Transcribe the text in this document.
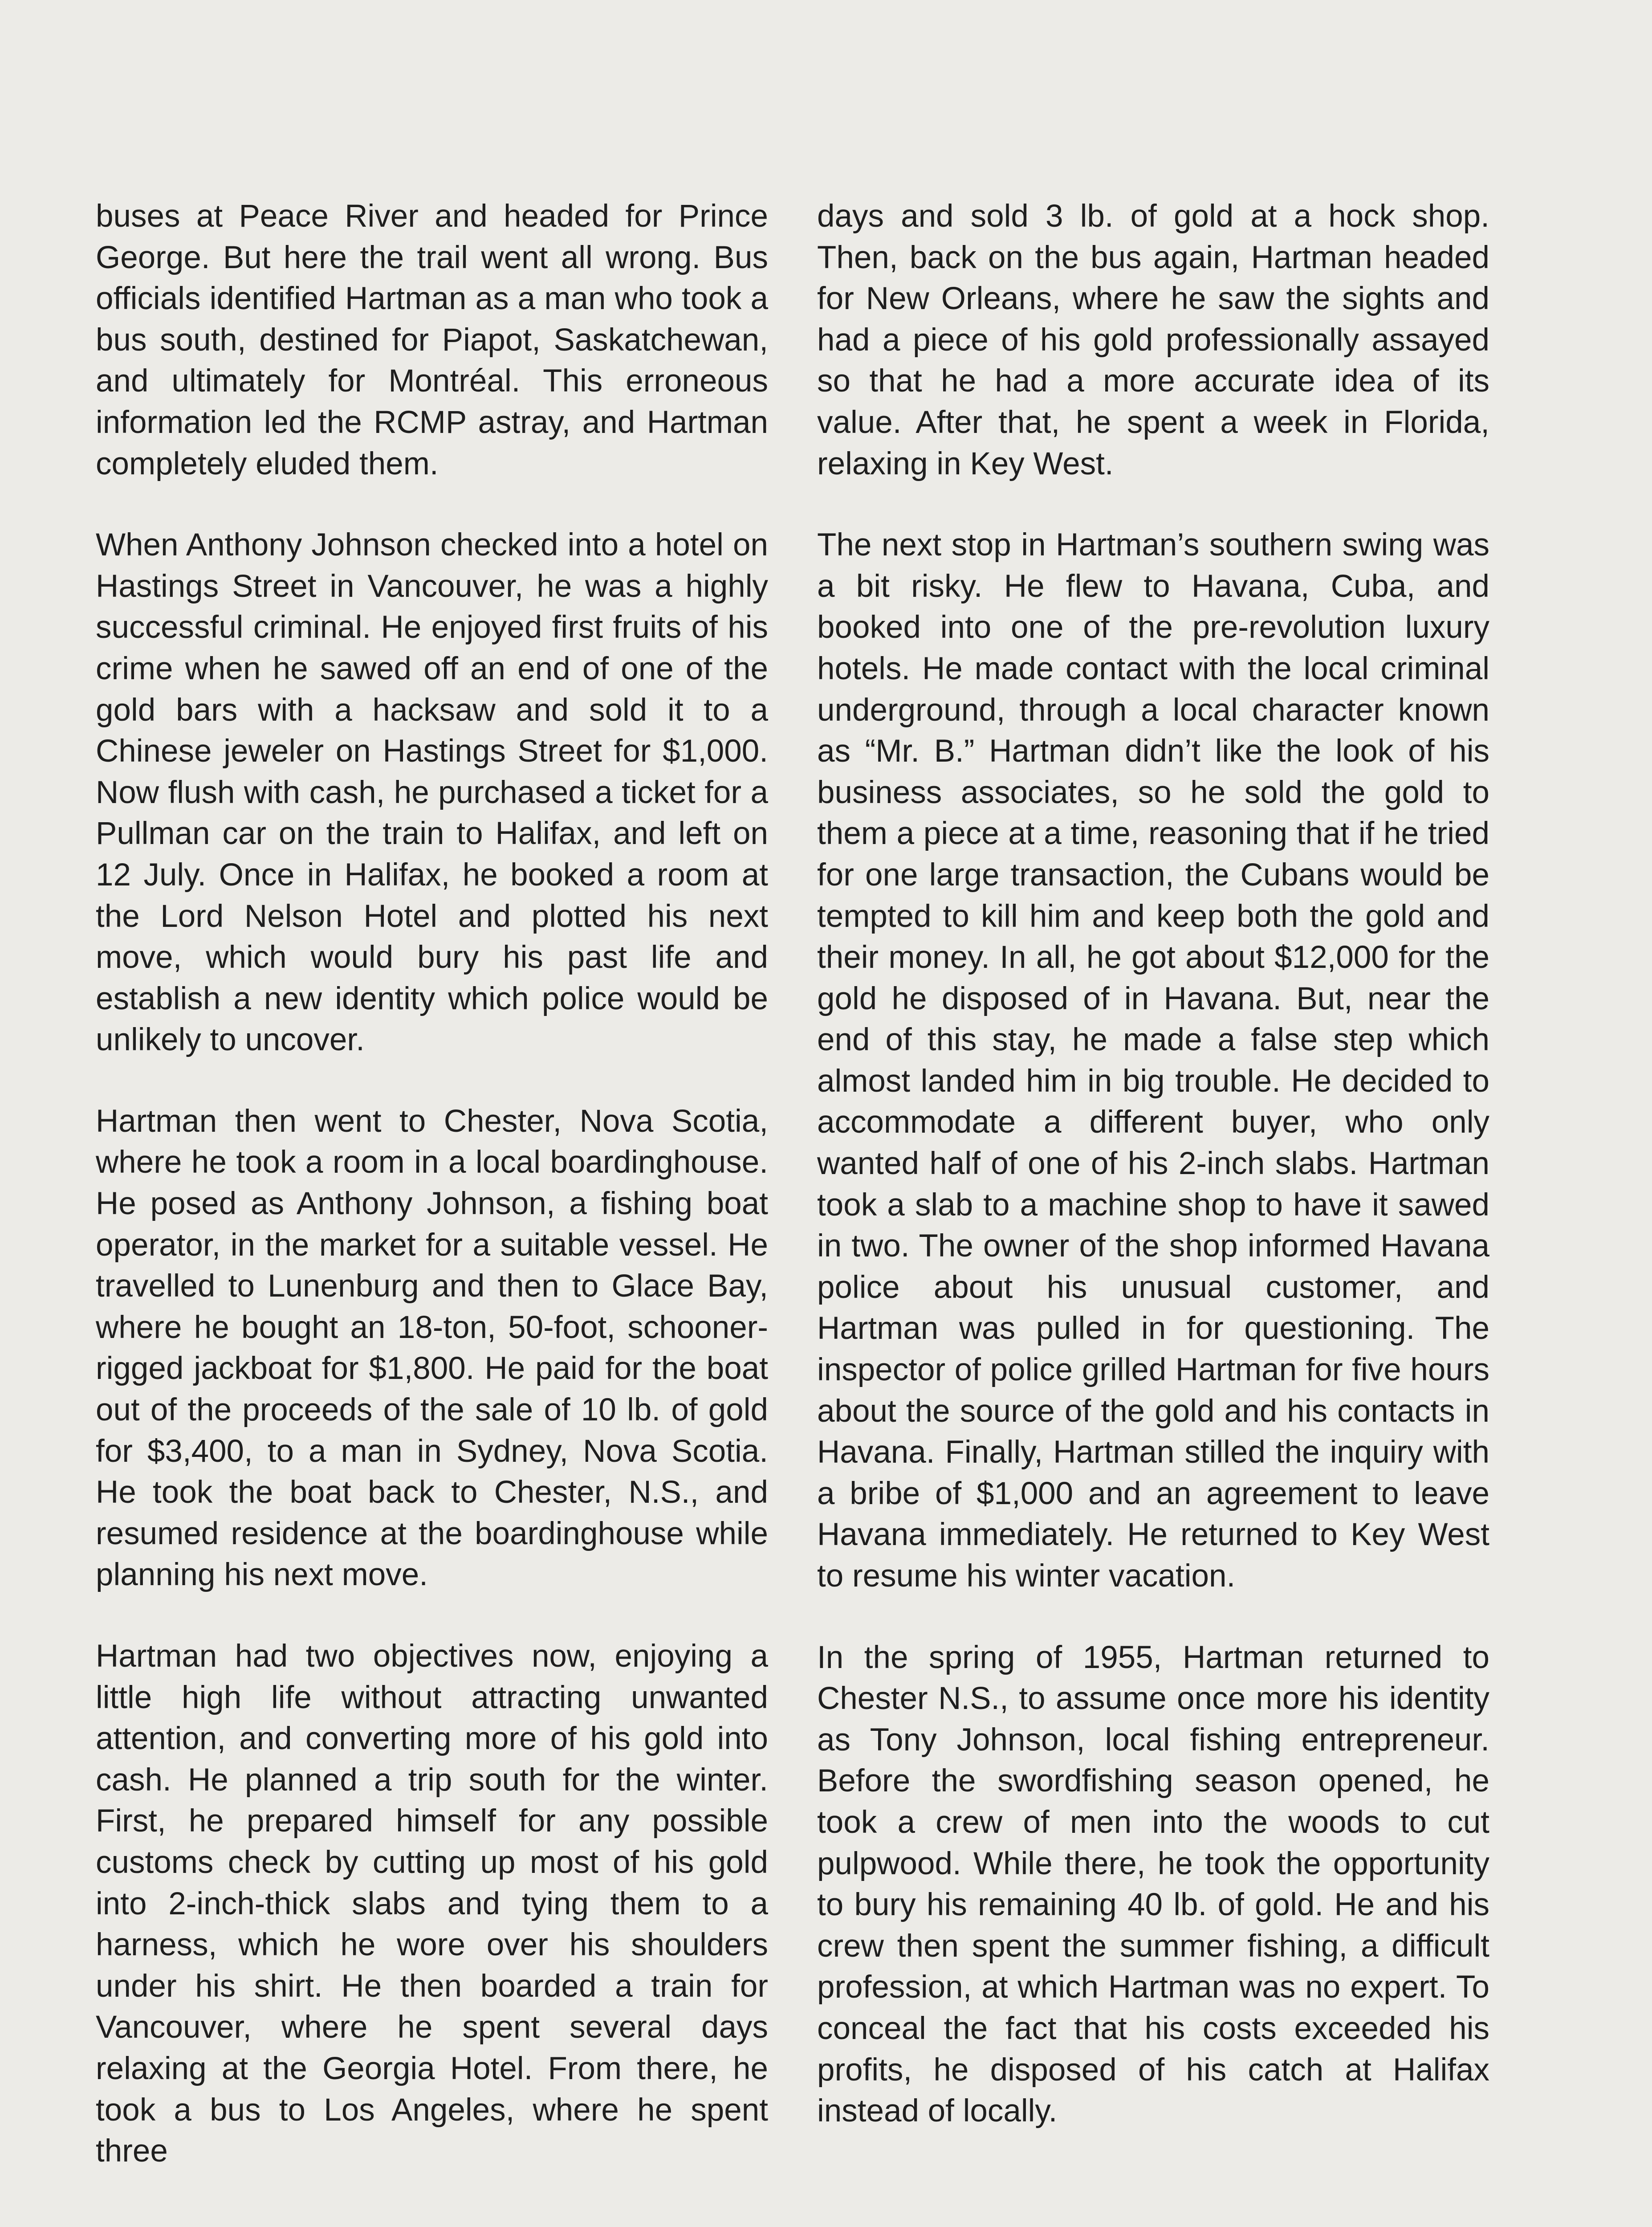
buses at Peace River and headed for Prince George. But here the trail went all wrong. Bus officials identified Hartman as a man who took a bus south, destined for Piapot, Saskatchewan, and ultimately for Montréal. This erroneous information led the RCMP astray, and Hartman completely eluded them.

When Anthony Johnson checked into a hotel on Hastings Street in Vancouver, he was a highly successful criminal. He enjoyed first fruits of his crime when he sawed off an end of one of the gold bars with a hacksaw and sold it to a Chinese jeweler on Hastings Street for $1,000. Now flush with cash, he purchased a ticket for a Pullman car on the train to Halifax, and left on 12 July. Once in Halifax, he booked a room at the Lord Nelson Hotel and plotted his next move, which would bury his past life and establish a new identity which police would be unlikely to uncover.

Hartman then went to Chester, Nova Scotia, where he took a room in a local boardinghouse. He posed as Anthony Johnson, a fishing boat operator, in the market for a suitable vessel. He travelled to Lunenburg and then to Glace Bay, where he bought an 18-ton, 50-foot, schooner-rigged jackboat for $1,800. He paid for the boat out of the proceeds of the sale of 10 lb. of gold for $3,400, to a man in Sydney, Nova Scotia. He took the boat back to Chester, N.S., and resumed residence at the boardinghouse while planning his next move.

Hartman had two objectives now, enjoying a little high life without attracting unwanted attention, and converting more of his gold into cash. He planned a trip south for the winter. First, he prepared himself for any possible customs check by cutting up most of his gold into 2-inch-thick slabs and tying them to a harness, which he wore over his shoulders under his shirt. He then boarded a train for Vancouver, where he spent several days relaxing at the Georgia Hotel. From there, he took a bus to Los Angeles, where he spent three

days and sold 3 lb. of gold at a hock shop. Then, back on the bus again, Hartman headed for New Orleans, where he saw the sights and had a piece of his gold professionally assayed so that he had a more accurate idea of its value. After that, he spent a week in Florida, relaxing in Key West.

The next stop in Hartman’s southern swing was a bit risky. He flew to Havana, Cuba, and booked into one of the pre-revolution luxury hotels. He made contact with the local criminal underground, through a local character known as “Mr. B.” Hartman didn’t like the look of his business associates, so he sold the gold to them a piece at a time, reasoning that if he tried for one large transaction, the Cubans would be tempted to kill him and keep both the gold and their money. In all, he got about $12,000 for the gold he disposed of in Havana. But, near the end of this stay, he made a false step which almost landed him in big trouble. He decided to accommodate a different buyer, who only wanted half of one of his 2-inch slabs. Hartman took a slab to a machine shop to have it sawed in two. The owner of the shop informed Havana police about his unusual customer, and Hartman was pulled in for questioning. The inspector of police grilled Hartman for five hours about the source of the gold and his contacts in Havana. Finally, Hartman stilled the inquiry with a bribe of $1,000 and an agreement to leave Havana immediately. He returned to Key West to resume his winter vacation.

In the spring of 1955, Hartman returned to Chester N.S., to assume once more his identity as Tony Johnson, local fishing entrepreneur. Before the swordfishing season opened, he took a crew of men into the woods to cut pulpwood. While there, he took the opportunity to bury his remaining 40 lb. of gold. He and his crew then spent the summer fishing, a difficult profession, at which Hartman was no expert. To conceal the fact that his costs exceeded his profits, he disposed of his catch at Halifax instead of locally.
